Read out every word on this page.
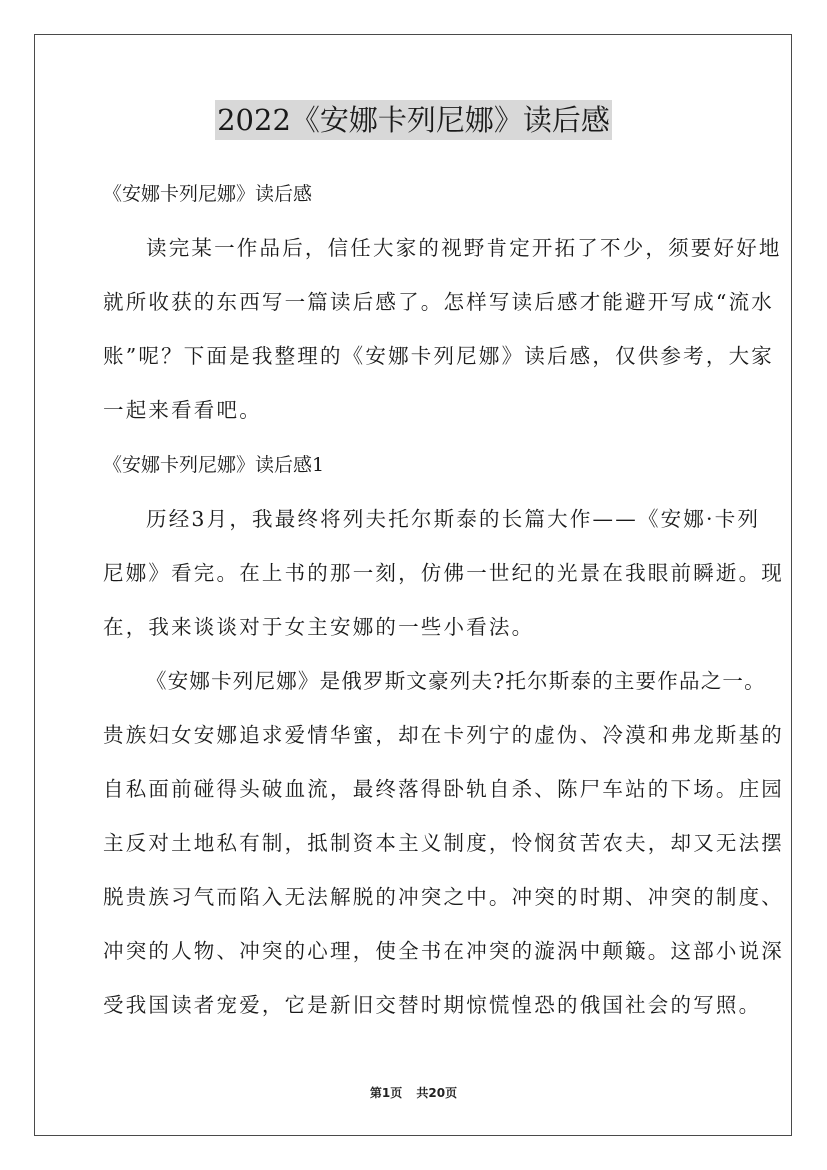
2022《安娜卡列尼娜》读后感
《安娜卡列尼娜》读后感
读完某一作品后，信任大家的视野肯定开拓了不少，须要好好地
就所收获的东西写一篇读后感了。怎样写读后感才能避开写成“流水
账”呢？下面是我整理的《安娜卡列尼娜》读后感，仅供参考，大家
一起来看看吧。
《安娜卡列尼娜》读后感1
历经3月，我最终将列夫托尔斯泰的长篇大作——《安娜·卡列
尼娜》看完。在上书的那一刻，仿佛一世纪的光景在我眼前瞬逝。现
在，我来谈谈对于女主安娜的一些小看法。
《安娜卡列尼娜》是俄罗斯文豪列夫?托尔斯泰的主要作品之一。
贵族妇女安娜追求爱情华蜜，却在卡列宁的虚伪、冷漠和弗龙斯基的
自私面前碰得头破血流，最终落得卧轨自杀、陈尸车站的下场。庄园
主反对土地私有制，抵制资本主义制度，怜悯贫苦农夫，却又无法摆
脱贵族习气而陷入无法解脱的冲突之中。冲突的时期、冲突的制度、
冲突的人物、冲突的心理，使全书在冲突的漩涡中颠簸。这部小说深
受我国读者宠爱，它是新旧交替时期惊慌惶恐的俄国社会的写照。
第1页 共20页
